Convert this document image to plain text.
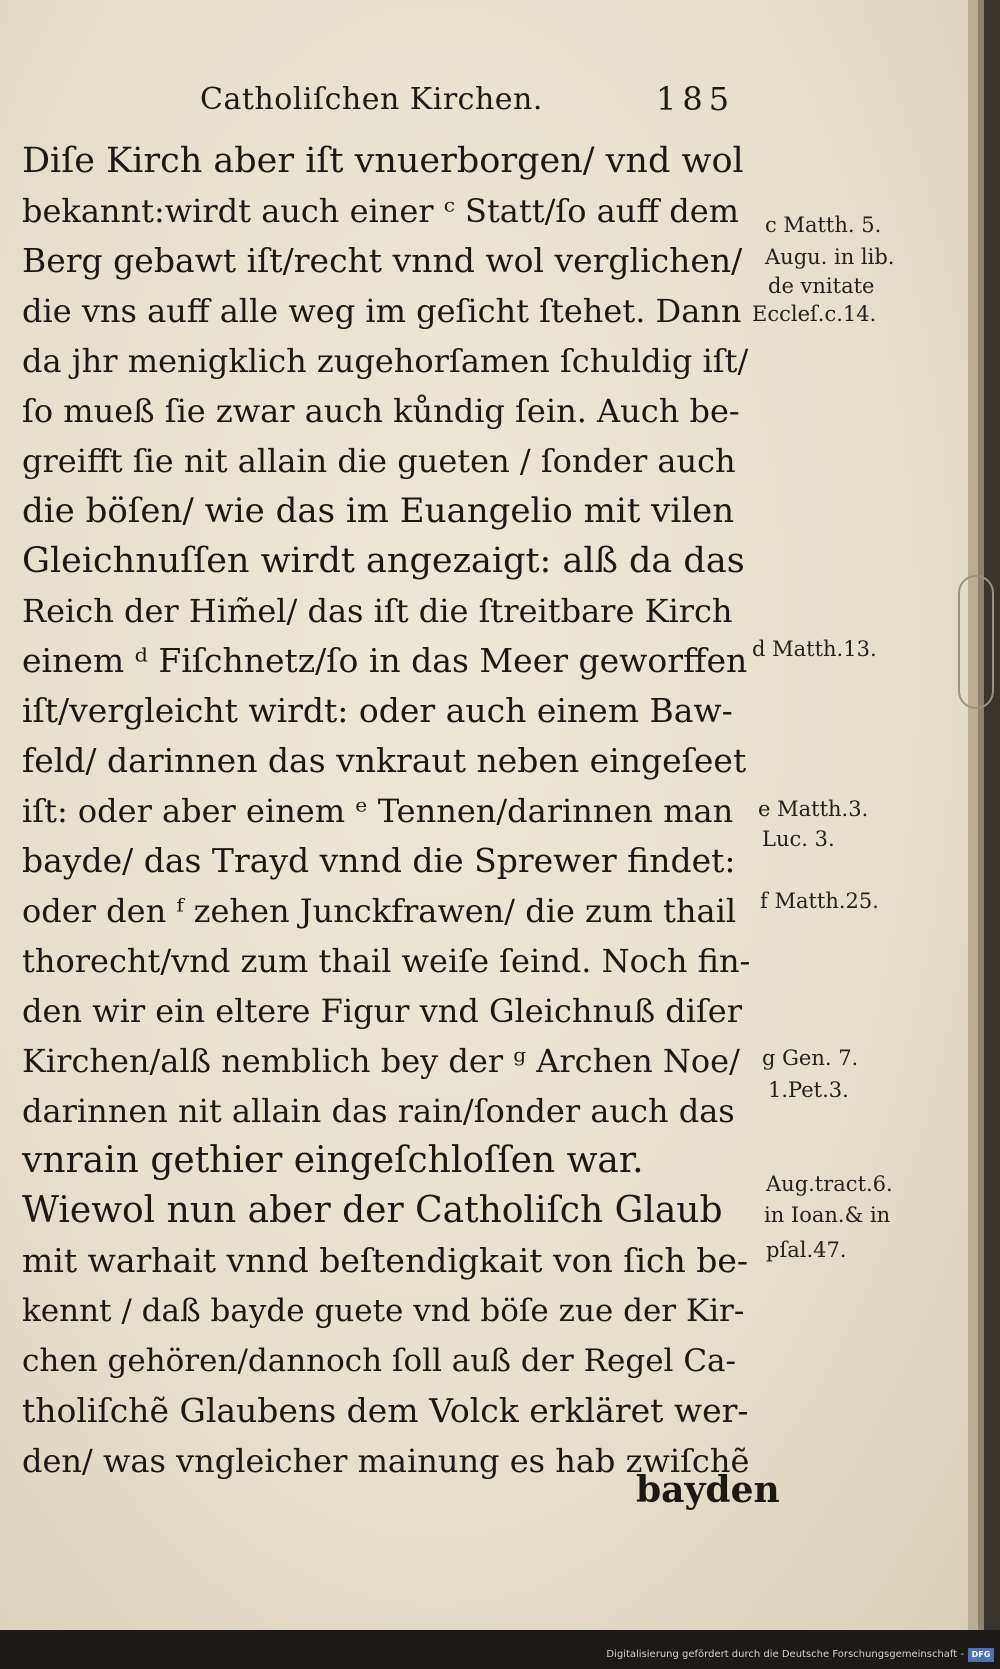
Catholiſchen Kirchen.	185
Diſe Kirch aber iſt vnuerborgen/ vnd wol
bekannt:wirdt auch einer ᶜ Statt/ſo auff dem
Berg gebawt iſt/recht vnnd wol verglichen/
die vns auff alle weg im geſicht ſtehet. Dann
da jhr menigklich zugehorſamen ſchuldig iſt/
ſo mueß ſie zwar auch kůndig ſein. Auch be-
greifft ſie nit allain die gueten / ſonder auch
die böſen/ wie das im Euangelio mit vilen
Gleichnuſſen wirdt angezaigt: alß da das
Reich der Him̃el/ das iſt die ſtreitbare Kirch
einem ᵈ Fiſchnetz/ſo in das Meer geworffen
iſt/vergleicht wirdt: oder auch einem Baw-
feld/ darinnen das vnkraut neben eingeſeet
iſt: oder aber einem ᵉ Tennen/darinnen man
bayde/ das Trayd vnnd die Sprewer findet:
oder den ᶠ zehen Junckfrawen/ die zum thail
thorecht/vnd zum thail weiſe ſeind. Noch fin-
den wir ein eltere Figur vnd Gleichnuß diſer
Kirchen/alß nemblich bey der ᵍ Archen Noe/
darinnen nit allain das rain/ſonder auch das
vnrain gethier eingeſchloſſen war.
Wiewol nun aber der Catholiſch Glaub
mit warhait vnnd beſtendigkait von ſich be-
kennt / daß bayde guete vnd böſe zue der Kir-
chen gehören/dannoch ſoll auß der Regel Ca-
tholiſchẽ Glaubens dem Volck erkläret wer-
den/ was vngleicher mainung es hab zwiſchẽ
bayden
c Matth. 5.
Augu. in lib.
de vnitate
Eccleſ.c.14.
d Matth.13.
e Matth.3.
Luc. 3.
f Matth.25.
g Gen. 7.
1.Pet.3.
Aug.tract.6.
in Ioan.& in
pſal.47.
Digitalisierung gefördert durch die Deutsche Forschungsgemeinschaft - DFG
